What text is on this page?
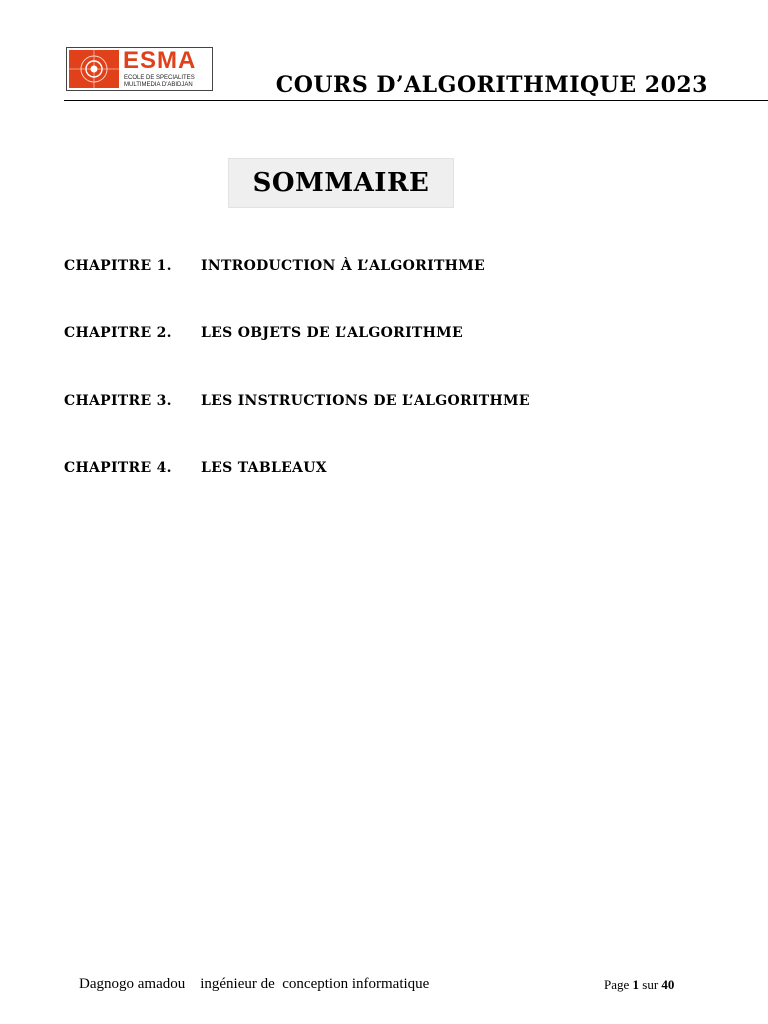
ESMA
ECOLE DE SPECIALITES
MULTIMEDIA D'ABIDJAN	COURS D’ALGORITHMIQUE 2023
SOMMAIRE
CHAPITRE 1. INTRODUCTION À L’ALGORITHME
CHAPITRE 2. LES OBJETS DE L’ALGORITHME
CHAPITRE 3. LES INSTRUCTIONS DE L’ALGORITHME
CHAPITRE 4. LES TABLEAUX
Dagnogo amadou    ingénieur de  conception informatique	Page 1 sur 40
